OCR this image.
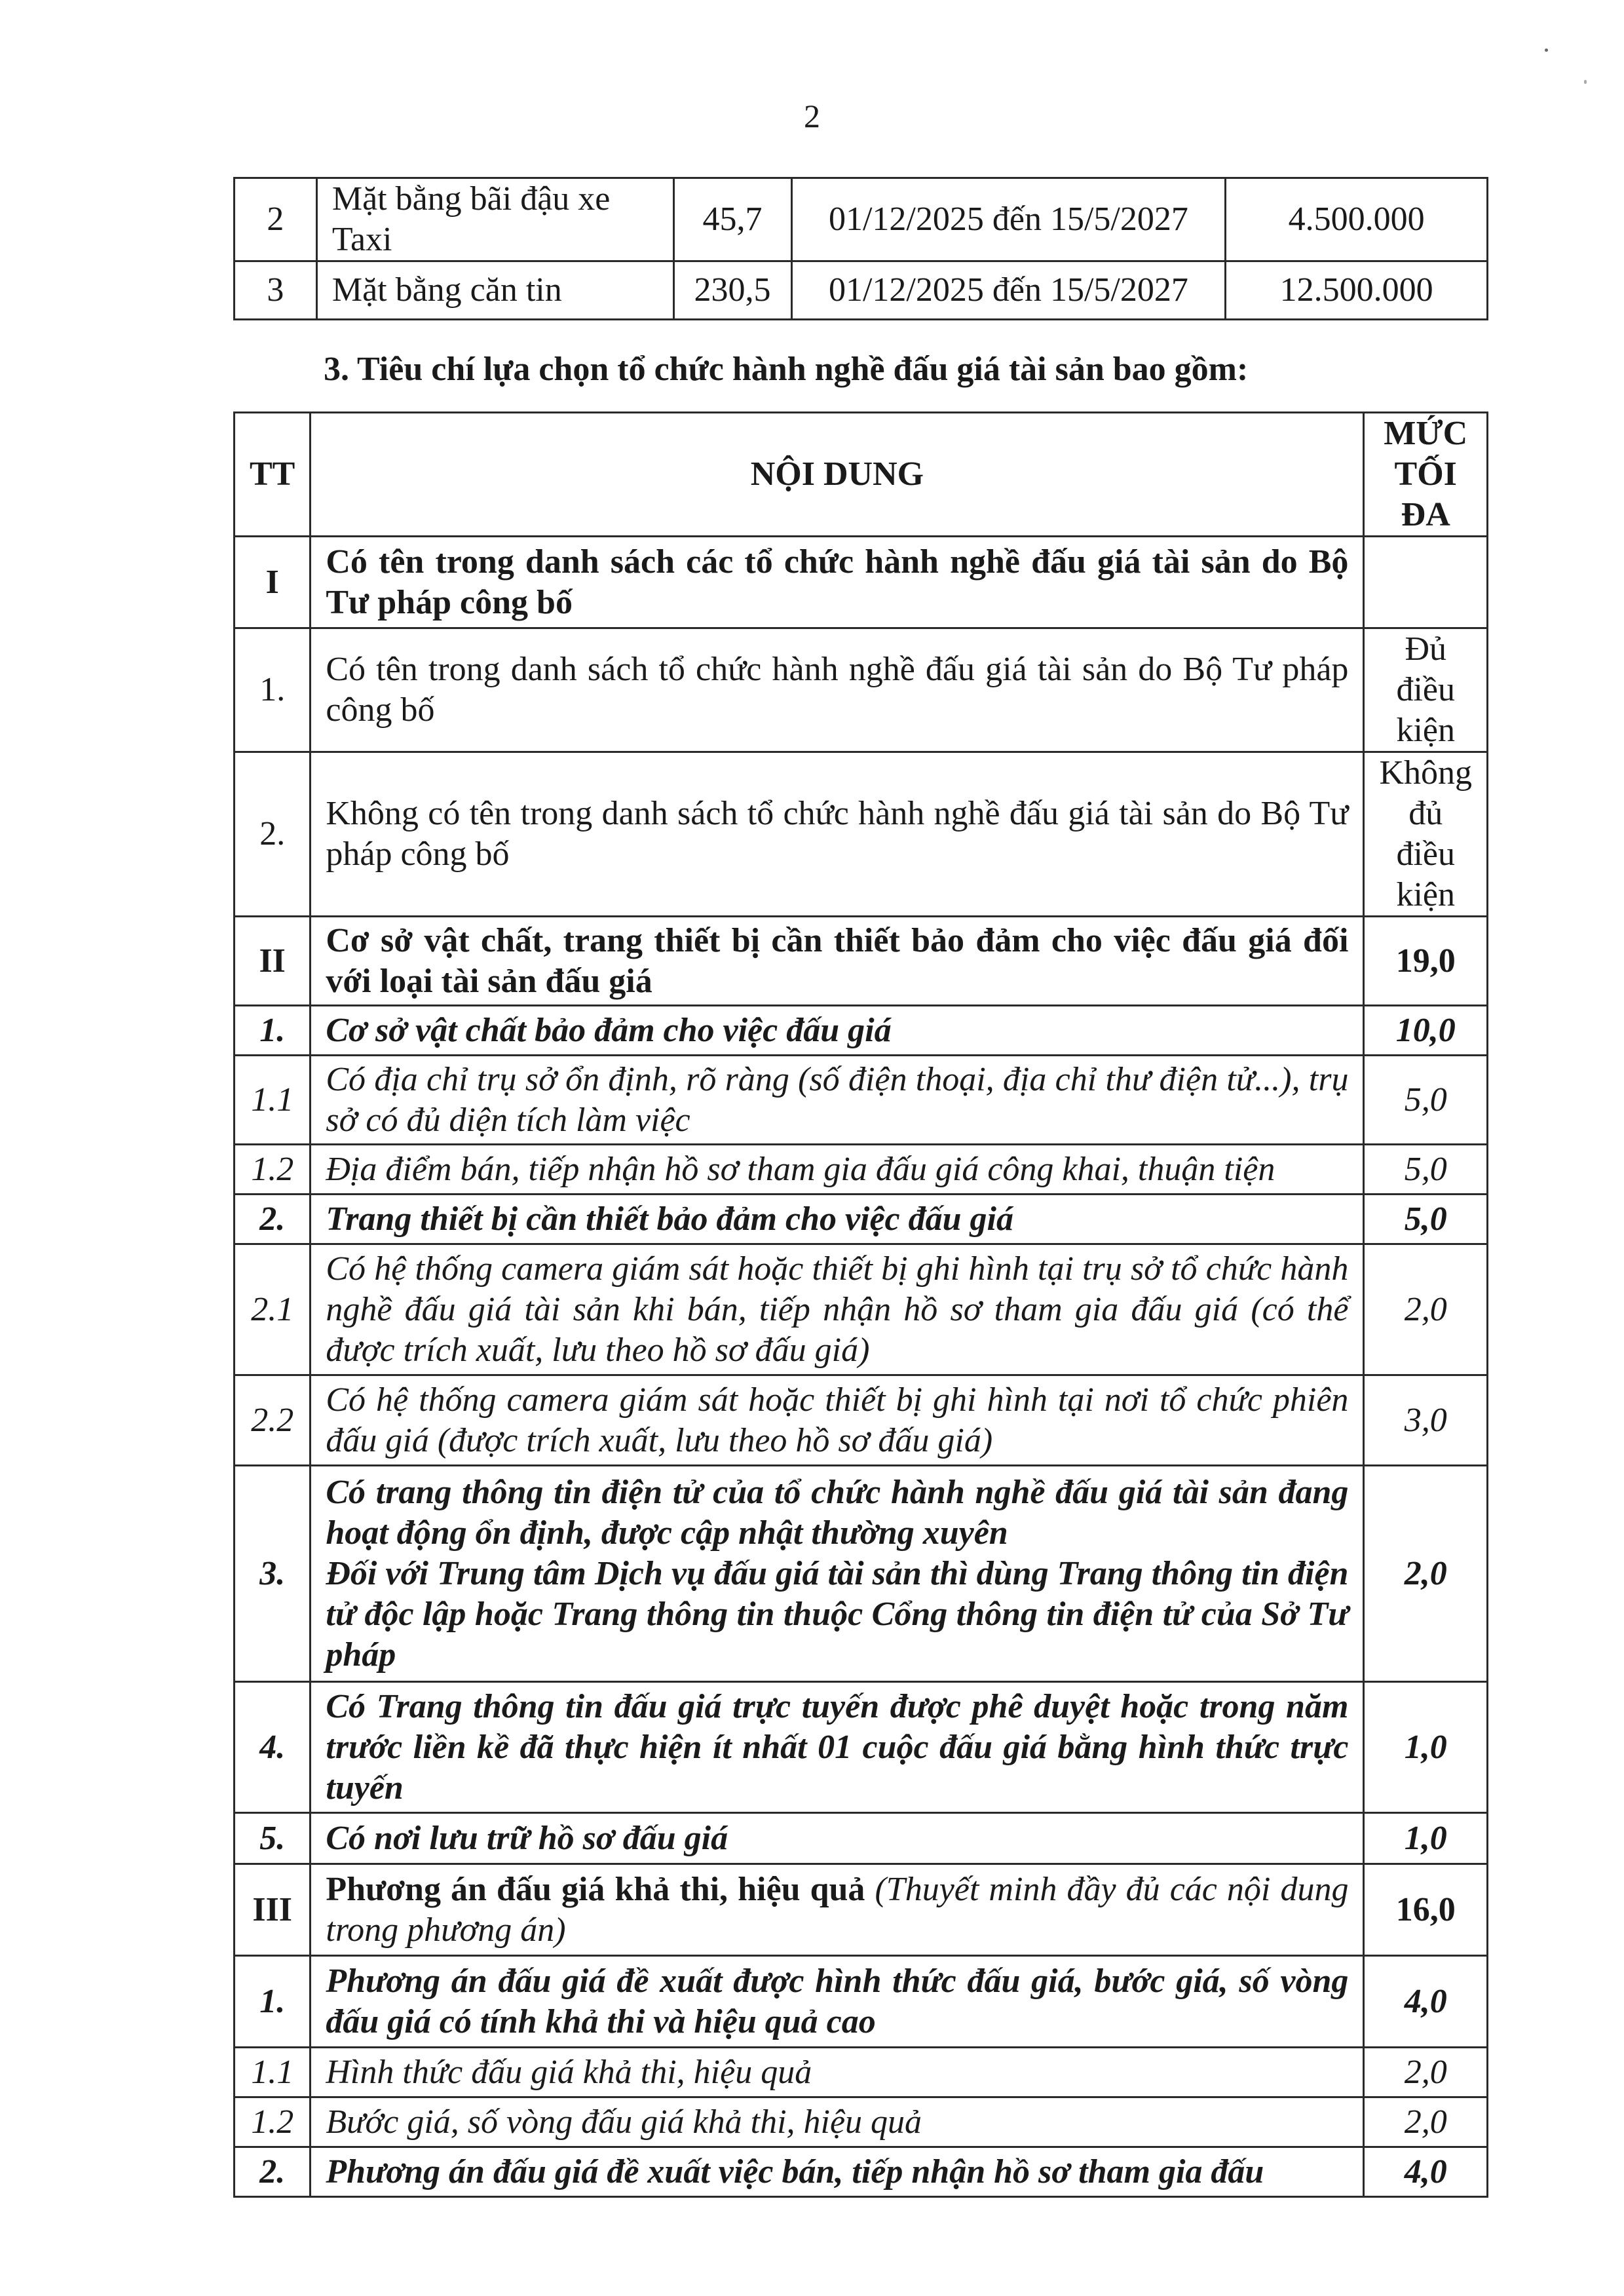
2
2	Mặt bằng bãi đậu xe Taxi	45,7	01/12/2025 đến 15/5/2027	4.500.000
3	Mặt bằng căn tin	230,5	01/12/2025 đến 15/5/2027	12.500.000
3. Tiêu chí lựa chọn tổ chức hành nghề đấu giá tài sản bao gồm:
TT	NỘI DUNG	MỨC
TỐI ĐA

I	Có tên trong danh sách các tổ chức hành nghề đấu giá tài sản do Bộ Tư pháp công bố	
1.	Có tên trong danh sách tổ chức hành nghề đấu giá tài sản do Bộ Tư pháp công bố	Đủ điều kiện
2.	Không có tên trong danh sách tổ chức hành nghề đấu giá tài sản do Bộ Tư pháp công bố	Không đủ điều kiện
II	Cơ sở vật chất, trang thiết bị cần thiết bảo đảm cho việc đấu giá đối với loại tài sản đấu giá	19,0
1.	Cơ sở vật chất bảo đảm cho việc đấu giá	10,0
1.1	Có địa chỉ trụ sở ổn định, rõ ràng (số điện thoại, địa chỉ thư điện tử...), trụ sở có đủ diện tích làm việc	5,0
1.2	Địa điểm bán, tiếp nhận hồ sơ tham gia đấu giá công khai, thuận tiện	5,0
2.	Trang thiết bị cần thiết bảo đảm cho việc đấu giá	5,0
2.1	Có hệ thống camera giám sát hoặc thiết bị ghi hình tại trụ sở tổ chức hành nghề đấu giá tài sản khi bán, tiếp nhận hồ sơ tham gia đấu giá (có thể được trích xuất, lưu theo hồ sơ đấu giá)	2,0
2.2	Có hệ thống camera giám sát hoặc thiết bị ghi hình tại nơi tổ chức phiên đấu giá (được trích xuất, lưu theo hồ sơ đấu giá)	3,0
3.	Có trang thông tin điện tử của tổ chức hành nghề đấu giá tài sản đang hoạt động ổn định, được cập nhật thường xuyên
Đối với Trung tâm Dịch vụ đấu giá tài sản thì dùng Trang thông tin điện tử độc lập hoặc Trang thông tin thuộc Cổng thông tin điện tử của Sở Tư pháp	2,0
4.	Có Trang thông tin đấu giá trực tuyến được phê duyệt hoặc trong năm trước liền kề đã thực hiện ít nhất 01 cuộc đấu giá bằng hình thức trực tuyến	1,0
5.	Có nơi lưu trữ hồ sơ đấu giá	1,0
III	Phương án đấu giá khả thi, hiệu quả (Thuyết minh đầy đủ các nội dung trong phương án)	16,0
1.	Phương án đấu giá đề xuất được hình thức đấu giá, bước giá, số vòng đấu giá có tính khả thi và hiệu quả cao	4,0
1.1	Hình thức đấu giá khả thi, hiệu quả	2,0
1.2	Bước giá, số vòng đấu giá khả thi, hiệu quả	2,0
2.	Phương án đấu giá đề xuất việc bán, tiếp nhận hồ sơ tham gia đấu	4,0
